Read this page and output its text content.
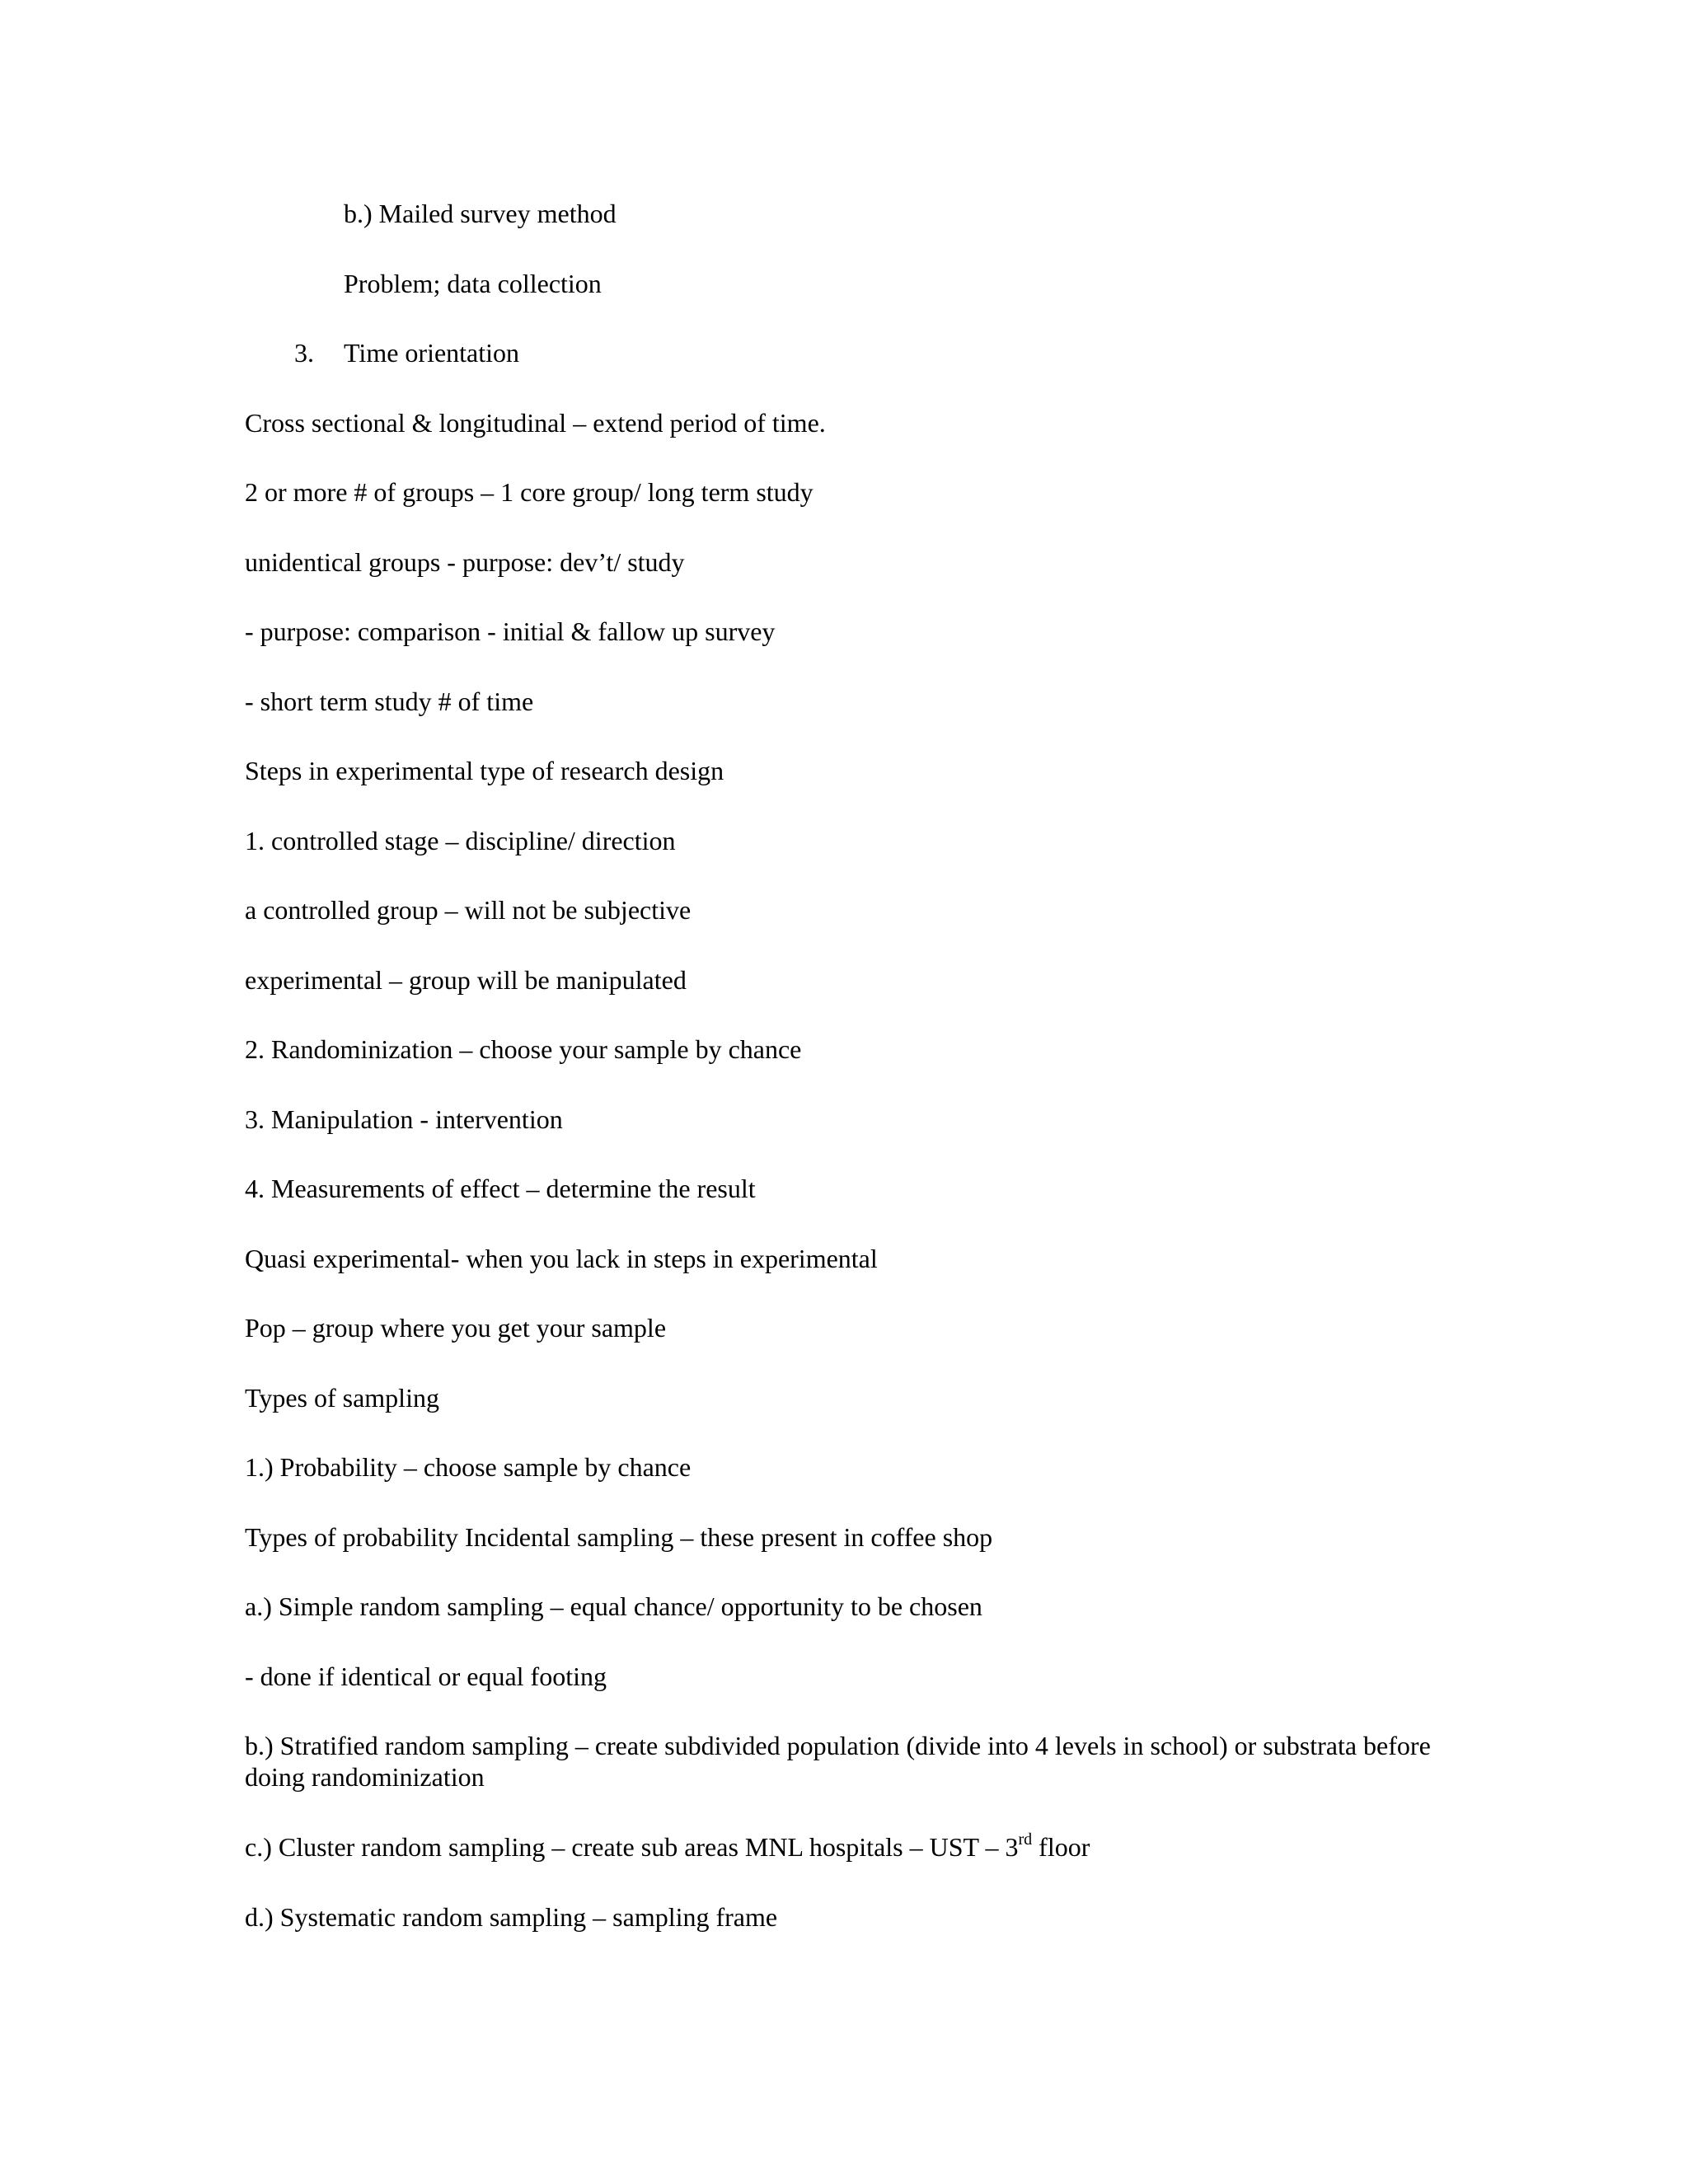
b.) Mailed survey method

Problem; data collection

3. Time orientation

Cross sectional & longitudinal – extend period of time.

2 or more # of groups – 1 core group/ long term study

unidentical groups - purpose: dev’t/ study

- purpose: comparison - initial & fallow up survey

- short term study # of time

Steps in experimental type of research design

1. controlled stage – discipline/ direction

a controlled group – will not be subjective

experimental – group will be manipulated

2. Randominization – choose your sample by chance

3. Manipulation - intervention

4. Measurements of effect – determine the result

Quasi experimental- when you lack in steps in experimental

Pop – group where you get your sample

Types of sampling

1.) Probability – choose sample by chance

Types of probability Incidental sampling – these present in coffee shop

a.) Simple random sampling – equal chance/ opportunity to be chosen

- done if identical or equal footing

b.) Stratified random sampling – create subdivided population (divide into 4 levels in school) or substrata before doing randominization

c.) Cluster random sampling – create sub areas MNL hospitals – UST – 3rd floor

d.) Systematic random sampling – sampling frame
